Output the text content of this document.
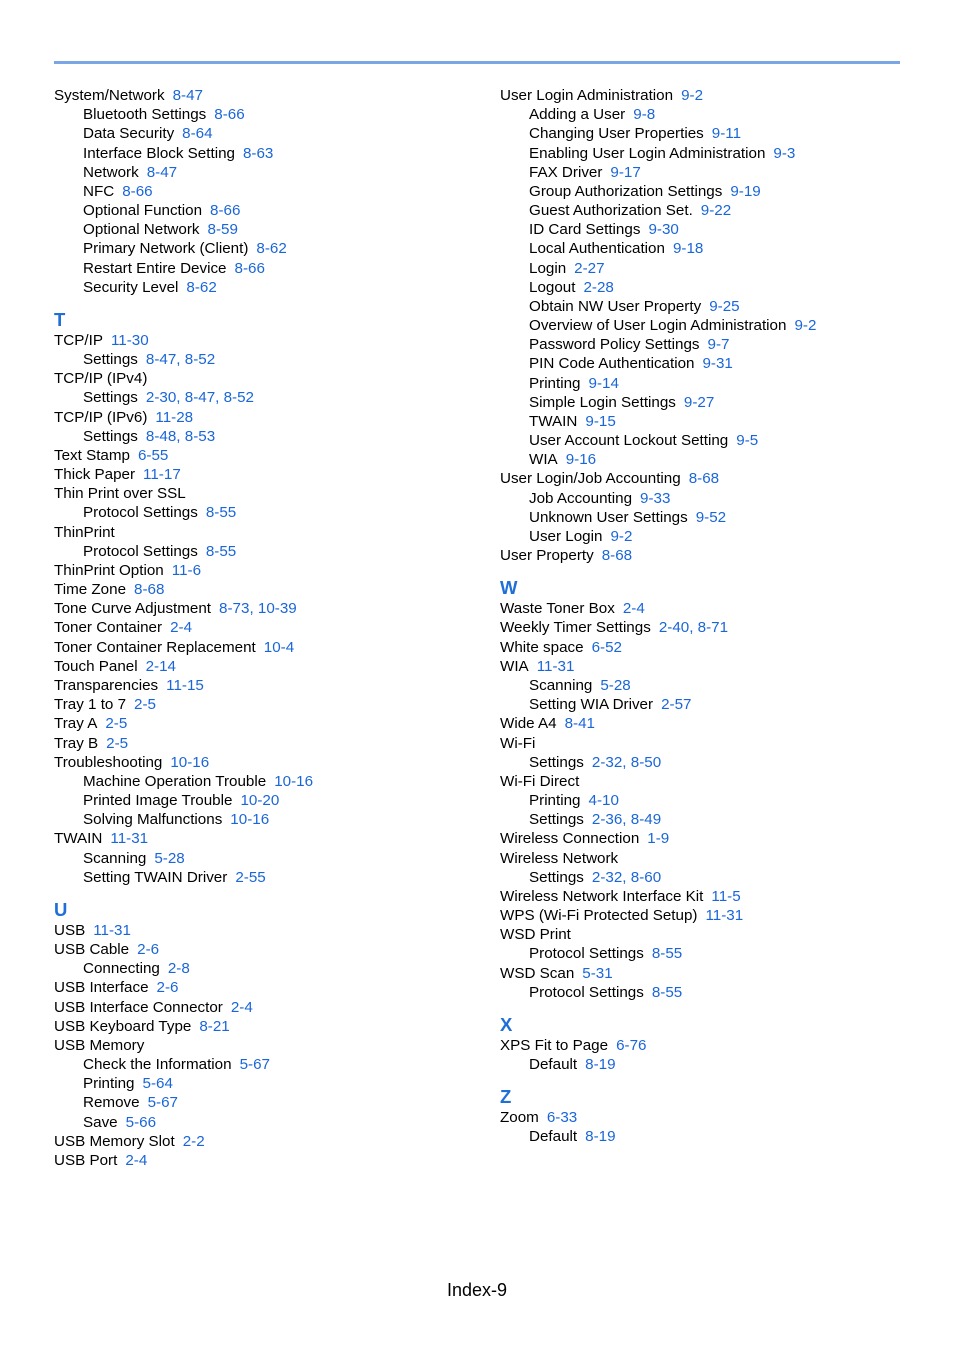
System/Network 8-47
Bluetooth Settings 8-66
Data Security 8-64
Interface Block Setting 8-63
Network 8-47
NFC 8-66
Optional Function 8-66
Optional Network 8-59
Primary Network (Client) 8-62
Restart Entire Device 8-66
Security Level 8-62
T
TCP/IP 11-30
Settings 8-47, 8-52
TCP/IP (IPv4)
Settings 2-30, 8-47, 8-52
TCP/IP (IPv6) 11-28
Settings 8-48, 8-53
Text Stamp 6-55
Thick Paper 11-17
Thin Print over SSL
Protocol Settings 8-55
ThinPrint
Protocol Settings 8-55
ThinPrint Option 11-6
Time Zone 8-68
Tone Curve Adjustment 8-73, 10-39
Toner Container 2-4
Toner Container Replacement 10-4
Touch Panel 2-14
Transparencies 11-15
Tray 1 to 7 2-5
Tray A 2-5
Tray B 2-5
Troubleshooting 10-16
Machine Operation Trouble 10-16
Printed Image Trouble 10-20
Solving Malfunctions 10-16
TWAIN 11-31
Scanning 5-28
Setting TWAIN Driver 2-55
U
USB 11-31
USB Cable 2-6
Connecting 2-8
USB Interface 2-6
USB Interface Connector 2-4
USB Keyboard Type 8-21
USB Memory
Check the Information 5-67
Printing 5-64
Remove 5-67
Save 5-66
USB Memory Slot 2-2
USB Port 2-4
User Login Administration 9-2
Adding a User 9-8
Changing User Properties 9-11
Enabling User Login Administration 9-3
FAX Driver 9-17
Group Authorization Settings 9-19
Guest Authorization Set. 9-22
ID Card Settings 9-30
Local Authentication 9-18
Login 2-27
Logout 2-28
Obtain NW User Property 9-25
Overview of User Login Administration 9-2
Password Policy Settings 9-7
PIN Code Authentication 9-31
Printing 9-14
Simple Login Settings 9-27
TWAIN 9-15
User Account Lockout Setting 9-5
WIA 9-16
User Login/Job Accounting 8-68
Job Accounting 9-33
Unknown User Settings 9-52
User Login 9-2
User Property 8-68
W
Waste Toner Box 2-4
Weekly Timer Settings 2-40, 8-71
White space 6-52
WIA 11-31
Scanning 5-28
Setting WIA Driver 2-57
Wide A4 8-41
Wi-Fi
Settings 2-32, 8-50
Wi-Fi Direct
Printing 4-10
Settings 2-36, 8-49
Wireless Connection 1-9
Wireless Network
Settings 2-32, 8-60
Wireless Network Interface Kit 11-5
WPS (Wi-Fi Protected Setup) 11-31
WSD Print
Protocol Settings 8-55
WSD Scan 5-31
Protocol Settings 8-55
X
XPS Fit to Page 6-76
Default 8-19
Z
Zoom 6-33
Default 8-19
Index-9
